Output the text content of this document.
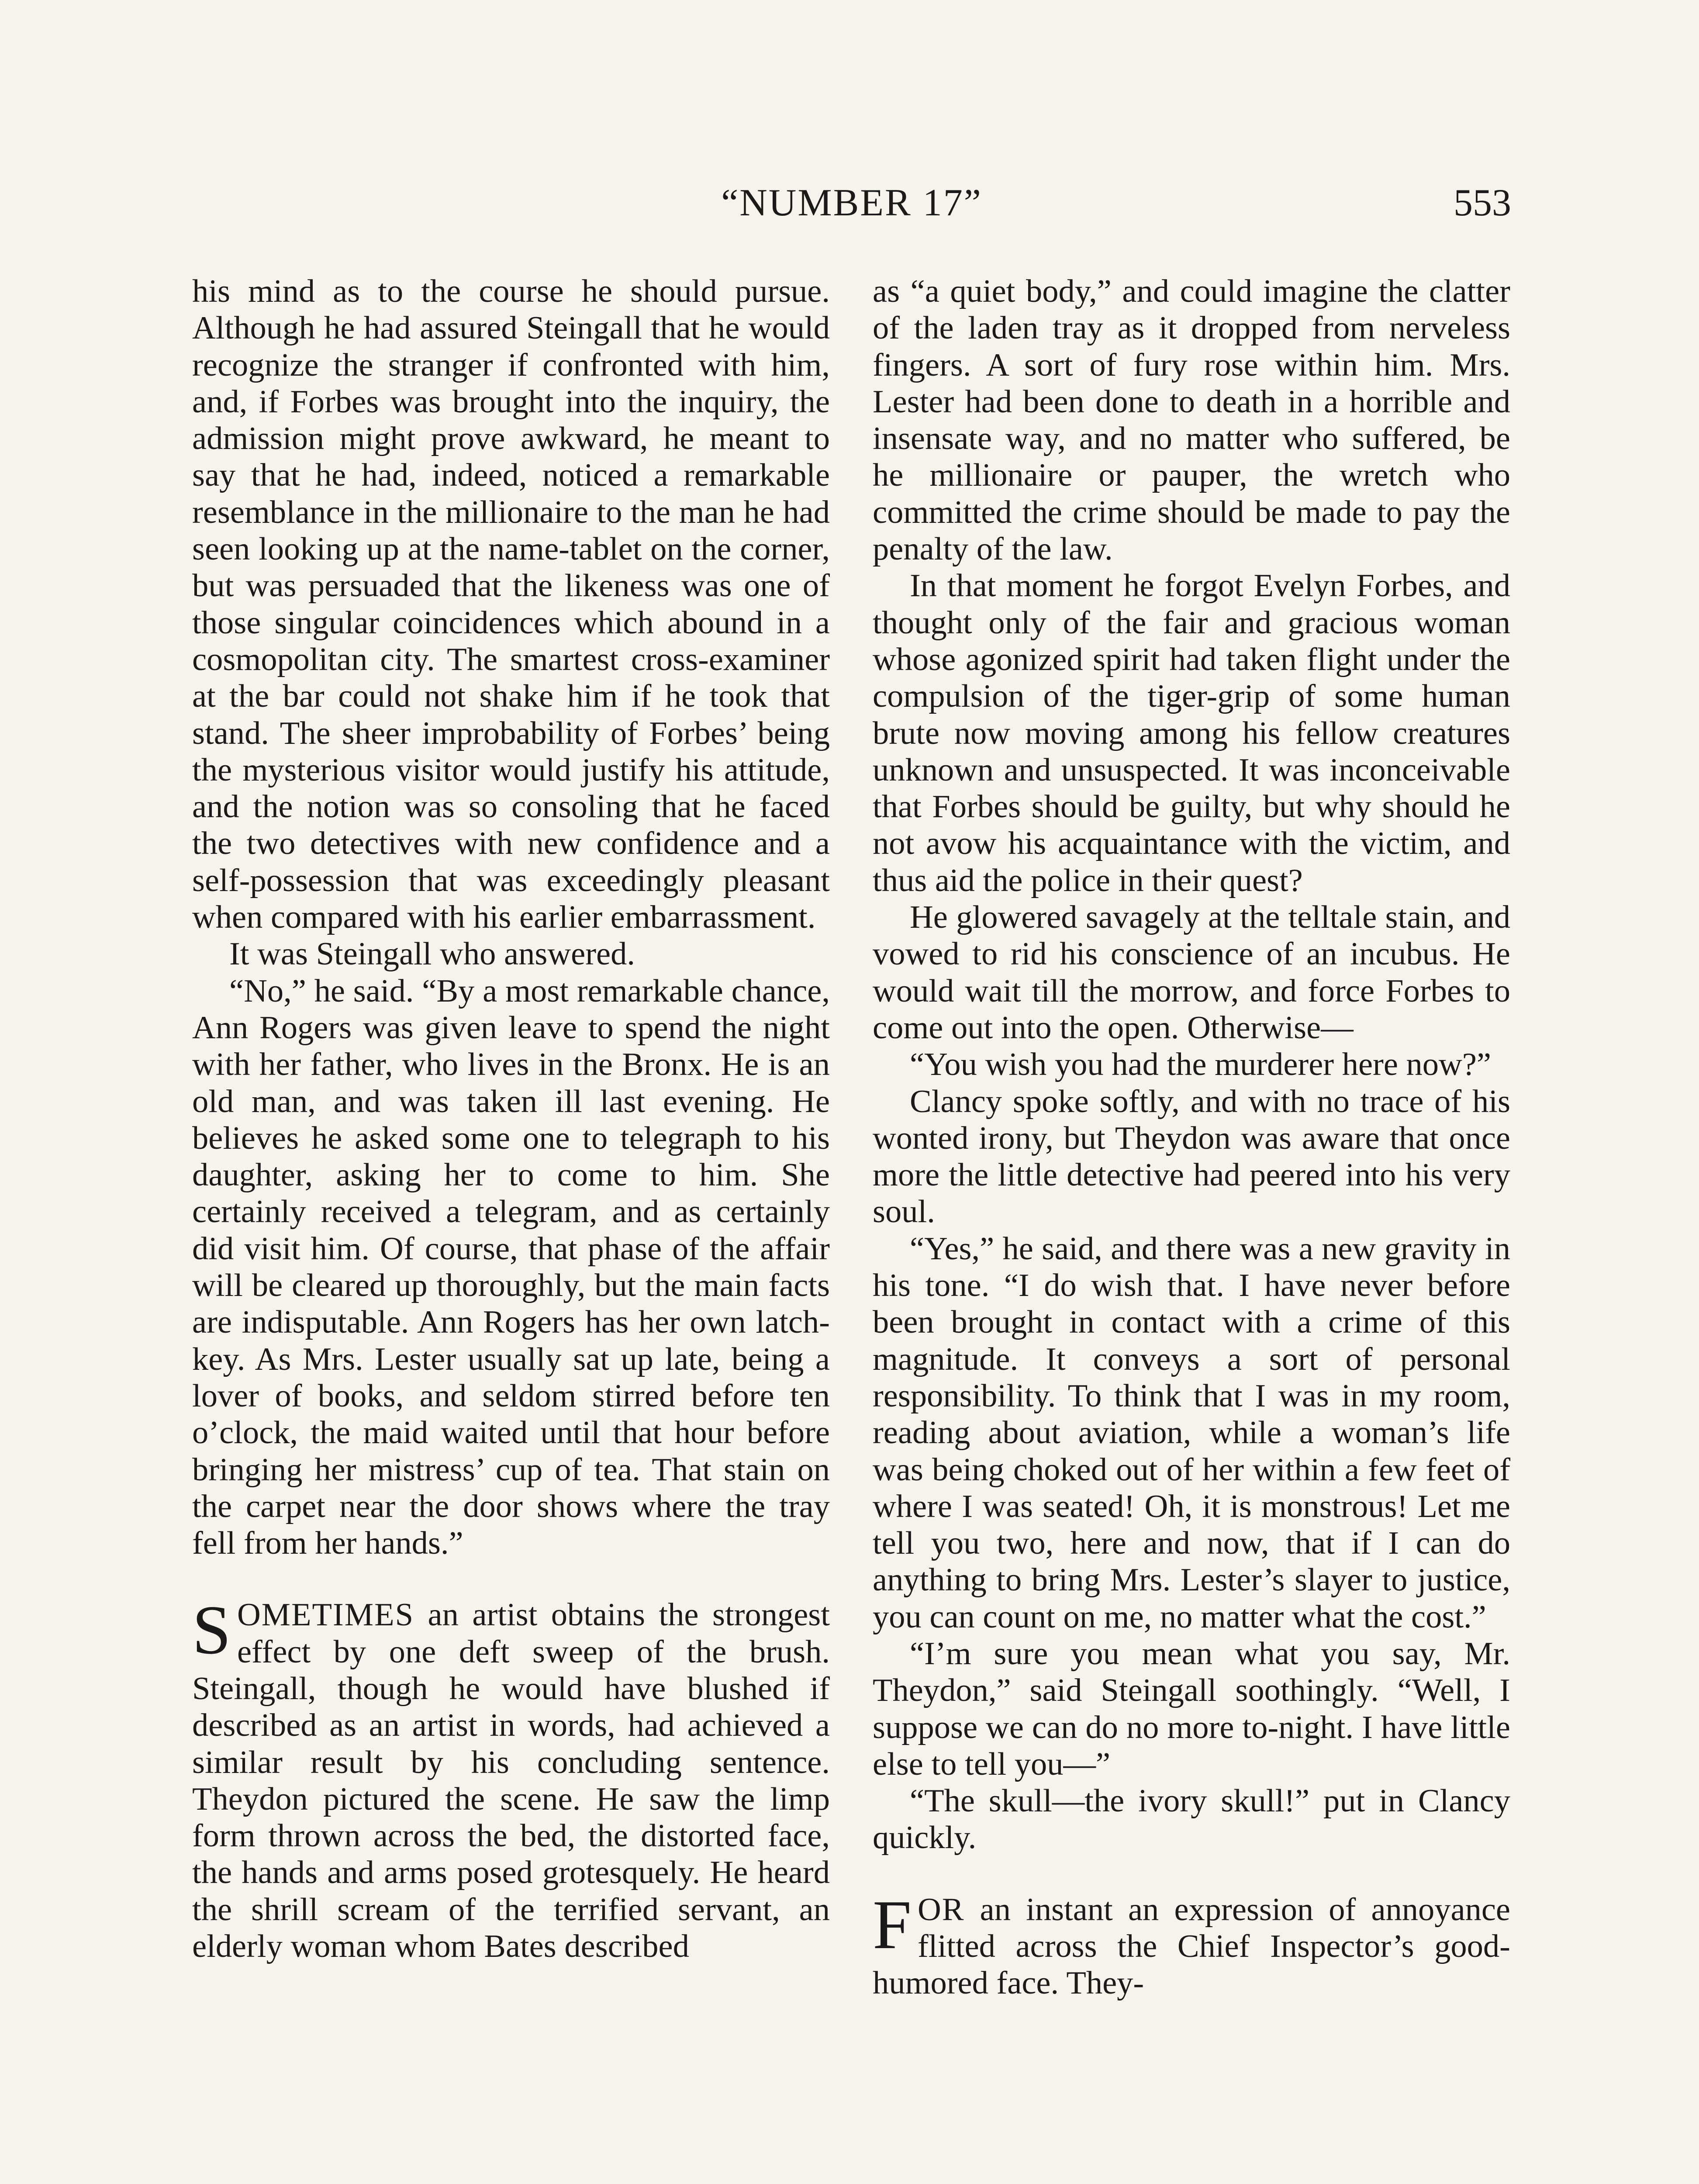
“NUMBER 17”	553

his mind as to the course he should pursue. Although he had assured Steingall that he would recognize the stranger if confronted with him, and, if Forbes was brought into the inquiry, the admission might prove awkward, he meant to say that he had, indeed, noticed a remarkable resemblance in the millionaire to the man he had seen looking up at the name-tablet on the corner, but was persuaded that the likeness was one of those singular coincidences which abound in a cosmopolitan city. The smartest cross-examiner at the bar could not shake him if he took that stand. The sheer improbability of Forbes’ being the mysterious visitor would justify his attitude, and the notion was so consoling that he faced the two detectives with new confidence and a self-possession that was exceedingly pleasant when compared with his earlier embarrassment.

It was Steingall who answered.

“No,” he said. “By a most remarkable chance, Ann Rogers was given leave to spend the night with her father, who lives in the Bronx. He is an old man, and was taken ill last evening. He believes he asked some one to telegraph to his daughter, asking her to come to him. She certainly received a telegram, and as certainly did visit him. Of course, that phase of the affair will be cleared up thoroughly, but the main facts are indisputable. Ann Rogers has her own latch-key. As Mrs. Lester usually sat up late, being a lover of books, and seldom stirred before ten o’clock, the maid waited until that hour before bringing her mistress’ cup of tea. That stain on the carpet near the door shows where the tray fell from her hands.”

SOMETIMES an artist obtains the strongest effect by one deft sweep of the brush. Steingall, though he would have blushed if described as an artist in words, had achieved a similar result by his concluding sentence. Theydon pictured the scene. He saw the limp form thrown across the bed, the distorted face, the hands and arms posed grotesquely. He heard the shrill scream of the terrified servant, an elderly woman whom Bates described

as “a quiet body,” and could imagine the clatter of the laden tray as it dropped from nerveless fingers. A sort of fury rose within him. Mrs. Lester had been done to death in a horrible and insensate way, and no matter who suffered, be he millionaire or pauper, the wretch who committed the crime should be made to pay the penalty of the law.

In that moment he forgot Evelyn Forbes, and thought only of the fair and gracious woman whose agonized spirit had taken flight under the compulsion of the tiger-grip of some human brute now moving among his fellow creatures unknown and unsuspected. It was inconceivable that Forbes should be guilty, but why should he not avow his acquaintance with the victim, and thus aid the police in their quest?

He glowered savagely at the telltale stain, and vowed to rid his conscience of an incubus. He would wait till the morrow, and force Forbes to come out into the open. Otherwise—

“You wish you had the murderer here now?”

Clancy spoke softly, and with no trace of his wonted irony, but Theydon was aware that once more the little detective had peered into his very soul.

“Yes,” he said, and there was a new gravity in his tone. “I do wish that. I have never before been brought in contact with a crime of this magnitude. It conveys a sort of personal responsibility. To think that I was in my room, reading about aviation, while a woman’s life was being choked out of her within a few feet of where I was seated! Oh, it is monstrous! Let me tell you two, here and now, that if I can do anything to bring Mrs. Lester’s slayer to justice, you can count on me, no matter what the cost.”

“I’m sure you mean what you say, Mr. Theydon,” said Steingall soothingly. “Well, I suppose we can do no more to-night. I have little else to tell you—”

“The skull—the ivory skull!” put in Clancy quickly.

FOR an instant an expression of annoyance flitted across the Chief Inspector’s good-humored face. They-
